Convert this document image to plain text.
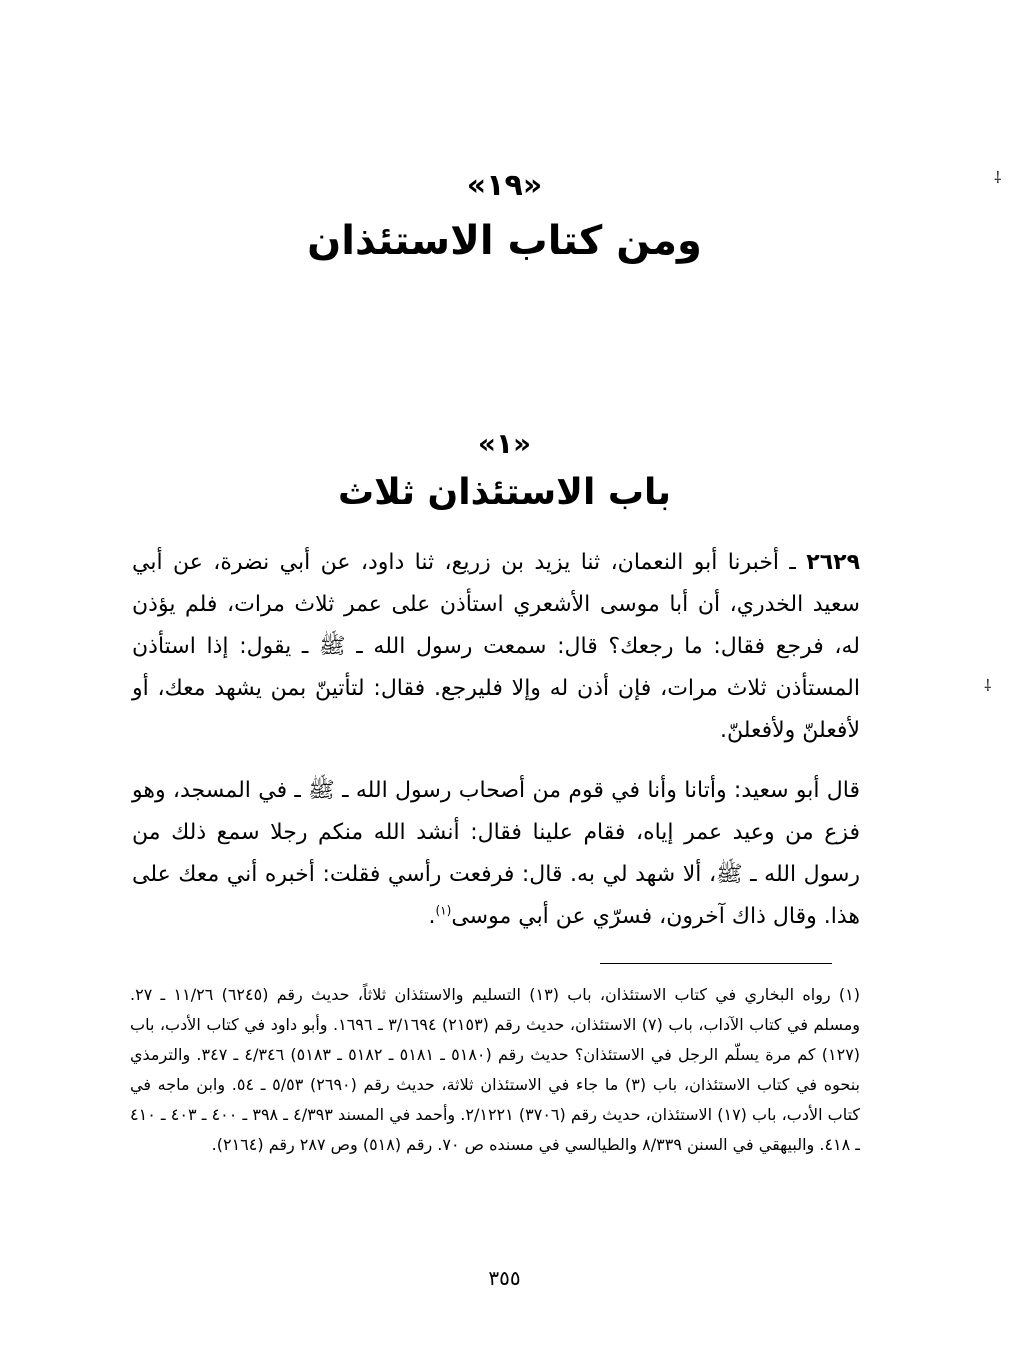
⸸
⸸
«١٩»
ومن كتاب الاستئذان
«١»
باب الاستئذان ثلاث
٢٦٢٩ ـ أخبرنا أبو النعمان، ثنا يزيد بن زريع، ثنا داود، عن أبي نضرة، عن أبي سعيد الخدري، أن أبا موسى الأشعري استأذن على عمر ثلاث مرات، فلم يؤذن له، فرجع فقال: ما رجعك؟ قال: سمعت رسول الله ـ ﷺ ـ يقول: إذا استأذن المستأذن ثلاث مرات، فإن أذن له وإلا فليرجع. فقال: لتأتينّ بمن يشهد معك، أو لأفعلنّ ولأفعلنّ.
قال أبو سعيد: وأتانا وأنا في قوم من أصحاب رسول الله ـ ﷺ ـ في المسجد، وهو فزع من وعيد عمر إياه، فقام علينا فقال: أنشد الله منكم رجلا سمع ذلك من رسول الله ـ ﷺ، ألا شهد لي به. قال: فرفعت رأسي فقلت: أخبره أني معك على هذا. وقال ذاك آخرون، فسرّي عن أبي موسى$^{(١)}$.
(١) رواه البخاري في كتاب الاستئذان، باب (١٣) التسليم والاستئذان ثلاثاً، حديث رقم (٦٢٤٥) ١١/٢٦ ـ ٢٧. ومسلم في كتاب الآداب، باب (٧) الاستئذان، حديث رقم (٢١٥٣) ٣/١٦٩٤ ـ ١٦٩٦. وأبو داود في كتاب الأدب، باب (١٢٧) كم مرة يسلّم الرجل في الاستئذان؟ حديث رقم (٥١٨٠ ـ ٥١٨١ ـ ٥١٨٢ ـ ٥١٨٣) ٤/٣٤٦ ـ ٣٤٧. والترمذي بنحوه في كتاب الاستئذان، باب (٣) ما جاء في الاستئذان ثلاثة، حديث رقم (٢٦٩٠) ٥/٥٣ ـ ٥٤. وابن ماجه في كتاب الأدب، باب (١٧) الاستئذان، حديث رقم (٣٧٠٦) ٢/١٢٢١. وأحمد في المسند ٤/٣٩٣ ـ ٣٩٨ ـ ٤٠٠ ـ ٤٠٣ ـ ٤١٠ ـ ٤١٨. والبيهقي في السنن ٨/٣٣٩ والطيالسي في مسنده ص ٧٠. رقم (٥١٨) وص ٢٨٧ رقم (٢١٦٤).
٣٥٥
